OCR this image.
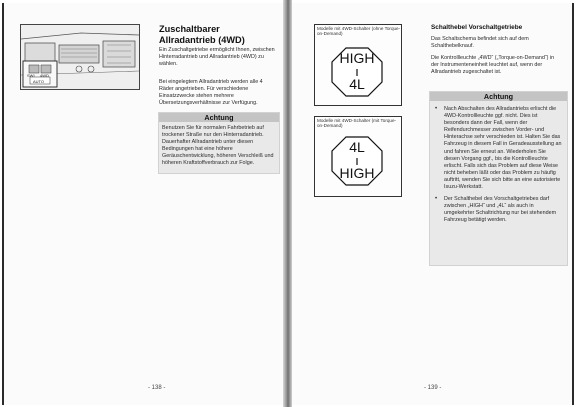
SWI 4WD
AUTO
Zuschaltbarer Allradantrieb (4WD)
Ein Zuschaltgetriebe ermöglicht Ihnen, zwischen Hinterradantrieb und Allradantrieb (4WD) zu wählen.
Bei eingelegtem Allradantrieb werden alle 4 Räder angetrieben. Für verschiedene Einsatzzwecke stehen mehrere Übersetzungsverhältnisse zur Verfügung.
Achtung
Benutzen Sie für normalen Fahrbetrieb auf trockener Straße nur den Hinterradantrieb. Dauerhafter Allradantrieb unter diesen Bedingungen hat eine höhere Geräuschentwicklung, höheren Verschleiß und höheren Kraftstoffverbrauch zur Folge.
- 138 -
Modelle mit 4WD-Schalter (ohne Torque-on-Demand)
HIGH
4L
Modelle mit 4WD-Schalter (mit Torque-on-Demand)
4L
HIGH
Schalthebel Vorschaltgetriebe
Das Schaltschema befindet sich auf dem Schalthebelknauf.
Die Kontrollleuchte „4WD“ („Torque-on-Demand“) in der Instrumenteneinheit leuchtet auf, wenn der Allradantrieb zugeschaltet ist.
Achtung
• Nach Abschalten des Allradantriebs erlischt die 4WD-Kontrollleuchte ggf. nicht. Dies ist besonders dann der Fall, wenn der Reifendurchmesser zwischen Vorder- und Hinterachse sehr verschieden ist. Halten Sie das Fahrzeug in diesem Fall in Geradeausstellung an und fahren Sie erneut an. Wiederholen Sie diesen Vorgang ggf., bis die Kontrollleuchte erlischt. Falls sich das Problem auf diese Weise nicht beheben läßt oder das Problem zu häufig auftritt, wenden Sie sich bitte an eine autorisierte Isuzu-Werkstatt.
• Der Schalthebel des Vorschaltgetriebes darf zwischen „HIGH“ und „4L“ als auch in umgekehrter Schaltrichtung nur bei stehendem Fahrzeug betätigt werden.
- 139 -
